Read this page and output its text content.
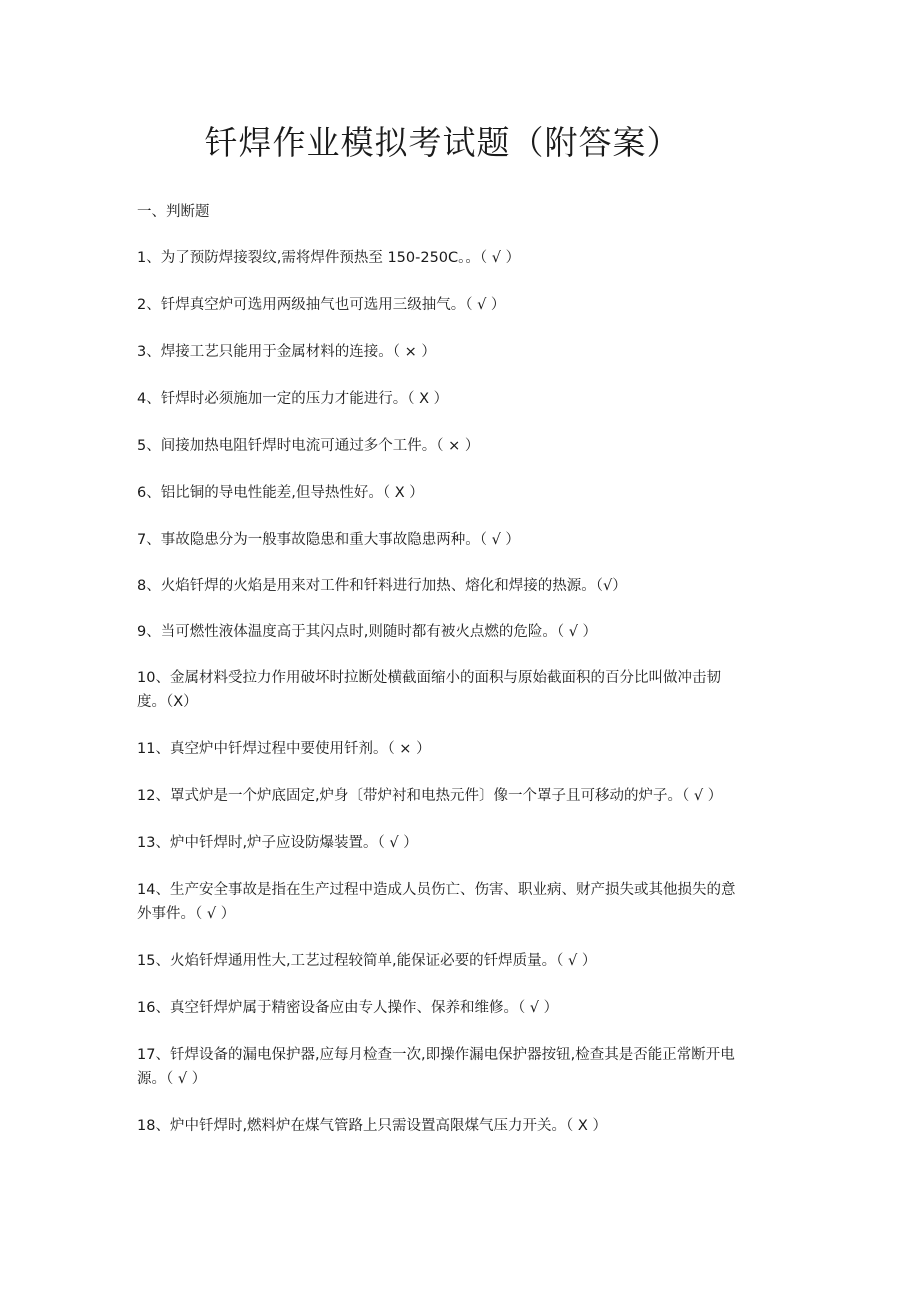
钎焊作业模拟考试题（附答案）

一、判断题

1、为了预防焊接裂纹,需将焊件预热至 150-250C。。（ √ ）

2、钎焊真空炉可选用两级抽气也可选用三级抽气。（ √ ）

3、焊接工艺只能用于金属材料的连接。（ × ）

4、钎焊时必须施加一定的压力才能进行。（ X ）

5、间接加热电阻钎焊时电流可通过多个工件。（ × ）

6、铝比铜的导电性能差,但导热性好。（ X ）

7、事故隐患分为一般事故隐患和重大事故隐患两种。（ √ ）

8、火焰钎焊的火焰是用来对工件和钎料进行加热、熔化和焊接的热源。（√）

9、当可燃性液体温度高于其闪点时,则随时都有被火点燃的危险。（ √ ）

10、金属材料受拉力作用破坏时拉断处横截面缩小的面积与原始截面积的百分比叫做冲击韧
度。（X）

11、真空炉中钎焊过程中要使用钎剂。（ × ）

12、罩式炉是一个炉底固定,炉身〔带炉衬和电热元件〕像一个罩子且可移动的炉子。（ √ ）

13、炉中钎焊时,炉子应设防爆装置。（ √ ）

14、生产安全事故是指在生产过程中造成人员伤亡、伤害、职业病、财产损失或其他损失的意
外事件。（ √ ）

15、火焰钎焊通用性大,工艺过程较简单,能保证必要的钎焊质量。（ √ ）

16、真空钎焊炉属于精密设备应由专人操作、保养和维修。（ √ ）

17、钎焊设备的漏电保护器,应每月检查一次,即操作漏电保护器按钮,检查其是否能正常断开电
源。（ √ ）

18、炉中钎焊时,燃料炉在煤气管路上只需设置高限煤气压力开关。（ X ）
